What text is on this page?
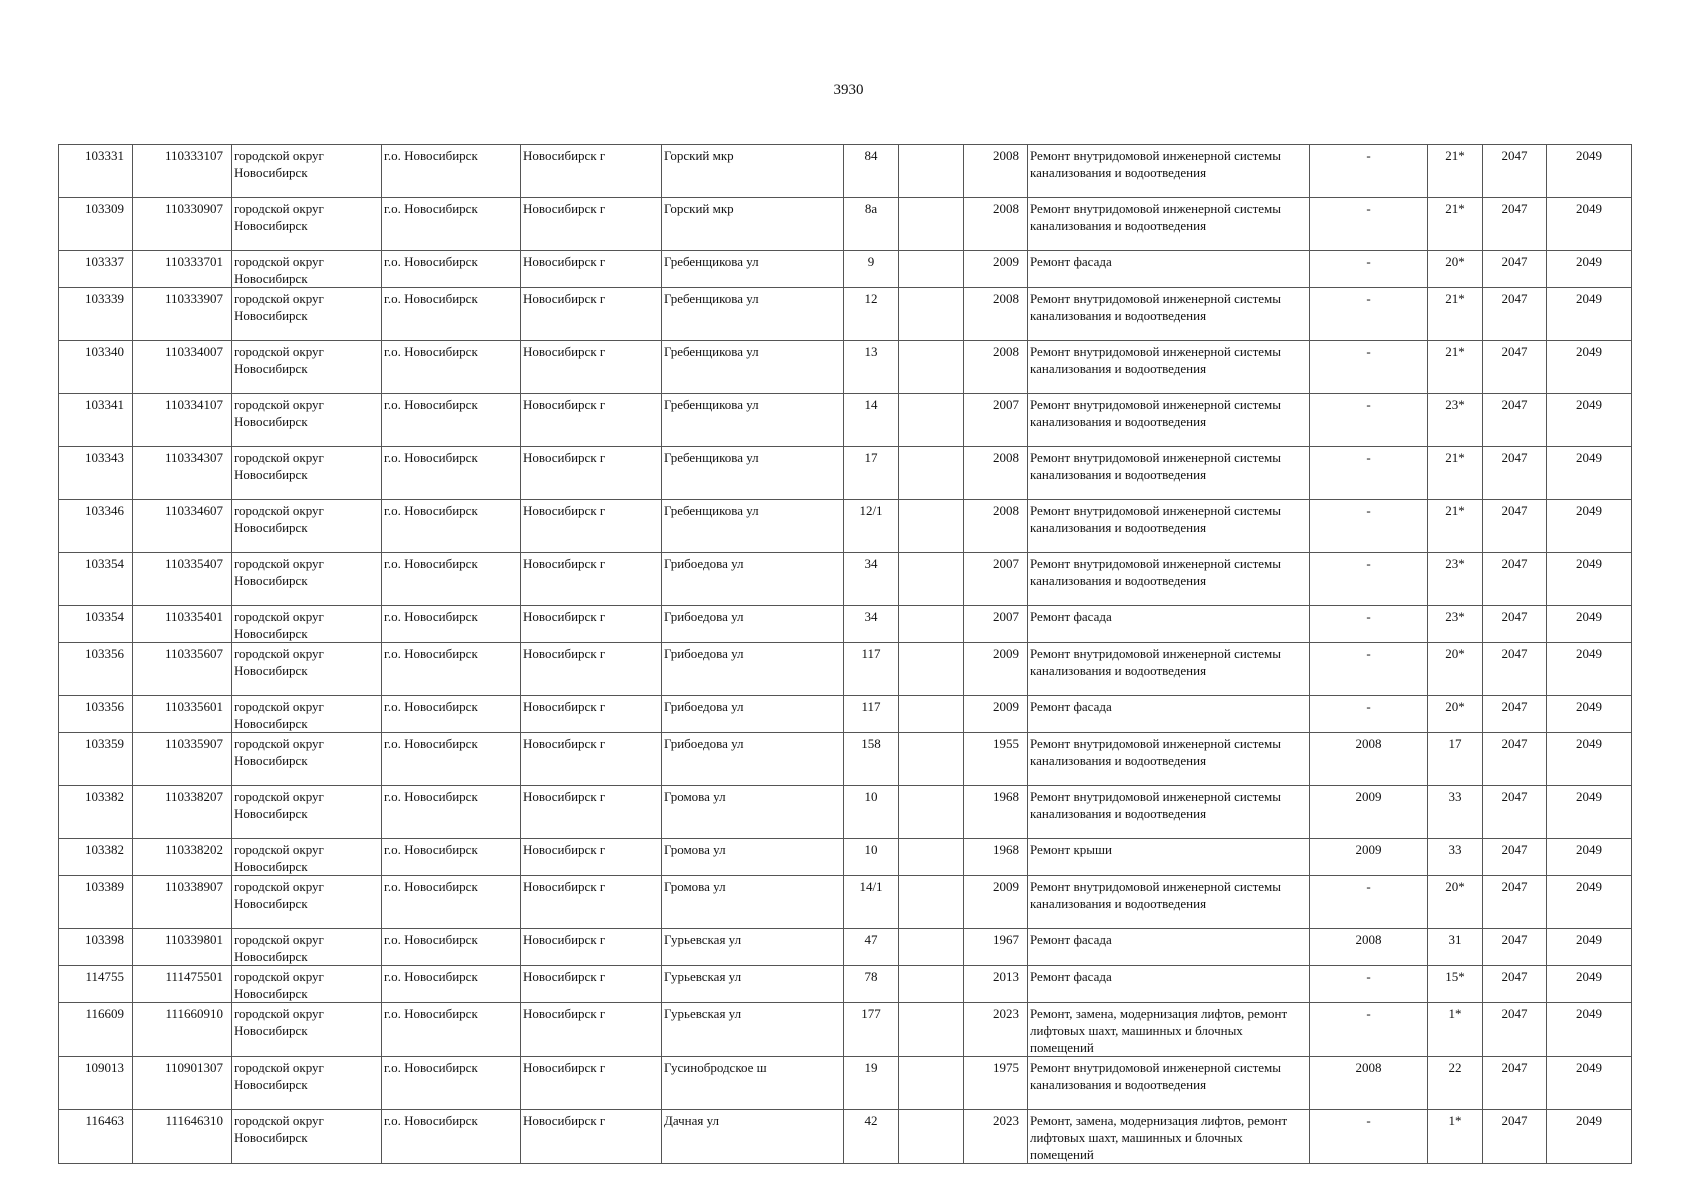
3930
103331	110333107	городской округ Новосибирск	г.о. Новосибирск	Новосибирск г	Горский мкр	84		2008	Ремонт внутридомовой инженерной системы канализования и водоотведения	-	21*	2047	2049
103309	110330907	городской округ Новосибирск	г.о. Новосибирск	Новосибирск г	Горский мкр	8а		2008	Ремонт внутридомовой инженерной системы канализования и водоотведения	-	21*	2047	2049
103337	110333701	городской округ Новосибирск	г.о. Новосибирск	Новосибирск г	Гребенщикова ул	9		2009	Ремонт фасада	-	20*	2047	2049
103339	110333907	городской округ Новосибирск	г.о. Новосибирск	Новосибирск г	Гребенщикова ул	12		2008	Ремонт внутридомовой инженерной системы канализования и водоотведения	-	21*	2047	2049
103340	110334007	городской округ Новосибирск	г.о. Новосибирск	Новосибирск г	Гребенщикова ул	13		2008	Ремонт внутридомовой инженерной системы канализования и водоотведения	-	21*	2047	2049
103341	110334107	городской округ Новосибирск	г.о. Новосибирск	Новосибирск г	Гребенщикова ул	14		2007	Ремонт внутридомовой инженерной системы канализования и водоотведения	-	23*	2047	2049
103343	110334307	городской округ Новосибирск	г.о. Новосибирск	Новосибирск г	Гребенщикова ул	17		2008	Ремонт внутридомовой инженерной системы канализования и водоотведения	-	21*	2047	2049
103346	110334607	городской округ Новосибирск	г.о. Новосибирск	Новосибирск г	Гребенщикова ул	12/1		2008	Ремонт внутридомовой инженерной системы канализования и водоотведения	-	21*	2047	2049
103354	110335407	городской округ Новосибирск	г.о. Новосибирск	Новосибирск г	Грибоедова ул	34		2007	Ремонт внутридомовой инженерной системы канализования и водоотведения	-	23*	2047	2049
103354	110335401	городской округ Новосибирск	г.о. Новосибирск	Новосибирск г	Грибоедова ул	34		2007	Ремонт фасада	-	23*	2047	2049
103356	110335607	городской округ Новосибирск	г.о. Новосибирск	Новосибирск г	Грибоедова ул	117		2009	Ремонт внутридомовой инженерной системы канализования и водоотведения	-	20*	2047	2049
103356	110335601	городской округ Новосибирск	г.о. Новосибирск	Новосибирск г	Грибоедова ул	117		2009	Ремонт фасада	-	20*	2047	2049
103359	110335907	городской округ Новосибирск	г.о. Новосибирск	Новосибирск г	Грибоедова ул	158		1955	Ремонт внутридомовой инженерной системы канализования и водоотведения	2008	17	2047	2049
103382	110338207	городской округ Новосибирск	г.о. Новосибирск	Новосибирск г	Громова ул	10		1968	Ремонт внутридомовой инженерной системы канализования и водоотведения	2009	33	2047	2049
103382	110338202	городской округ Новосибирск	г.о. Новосибирск	Новосибирск г	Громова ул	10		1968	Ремонт крыши	2009	33	2047	2049
103389	110338907	городской округ Новосибирск	г.о. Новосибирск	Новосибирск г	Громова ул	14/1		2009	Ремонт внутридомовой инженерной системы канализования и водоотведения	-	20*	2047	2049
103398	110339801	городской округ Новосибирск	г.о. Новосибирск	Новосибирск г	Гурьевская ул	47		1967	Ремонт фасада	2008	31	2047	2049
114755	111475501	городской округ Новосибирск	г.о. Новосибирск	Новосибирск г	Гурьевская ул	78		2013	Ремонт фасада	-	15*	2047	2049
116609	111660910	городской округ Новосибирск	г.о. Новосибирск	Новосибирск г	Гурьевская ул	177		2023	Ремонт, замена, модернизация лифтов, ремонт лифтовых шахт, машинных и блочных помещений	-	1*	2047	2049
109013	110901307	городской округ Новосибирск	г.о. Новосибирск	Новосибирск г	Гусинобродское ш	19		1975	Ремонт внутридомовой инженерной системы канализования и водоотведения	2008	22	2047	2049
116463	111646310	городской округ Новосибирск	г.о. Новосибирск	Новосибирск г	Дачная ул	42		2023	Ремонт, замена, модернизация лифтов, ремонт лифтовых шахт, машинных и блочных помещений	-	1*	2047	2049
